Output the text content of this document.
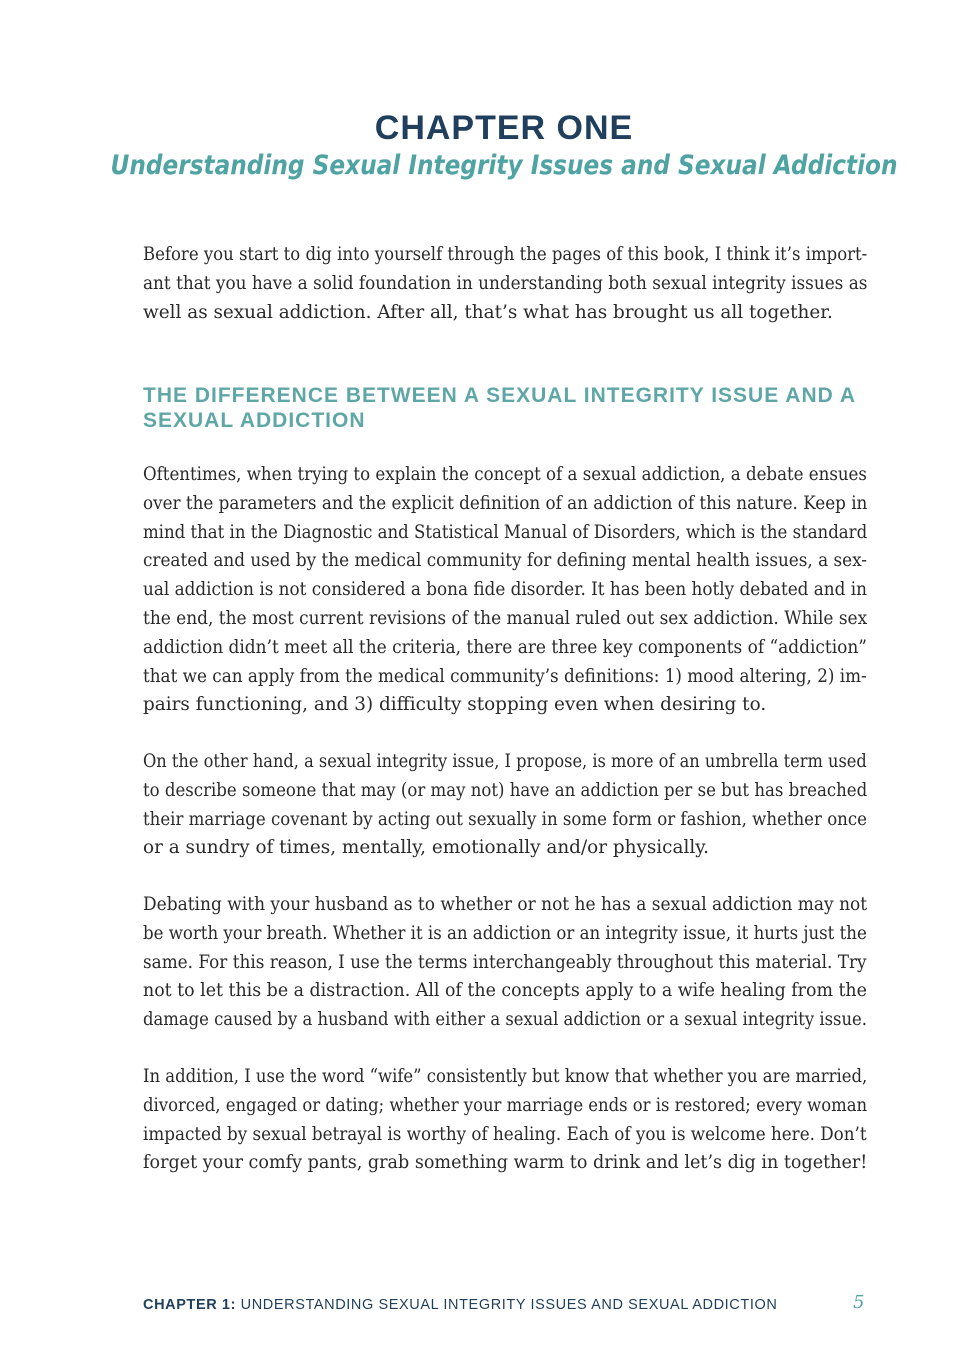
CHAPTER ONE
Understanding Sexual Integrity Issues and Sexual Addiction

Before you start to dig into yourself through the pages of this book, I think it’s import-
ant that you have a solid foundation in understanding both sexual integrity issues as
well as sexual addiction. After all, that’s what has brought us all together.

THE DIFFERENCE BETWEEN A SEXUAL INTEGRITY ISSUE AND A SEXUAL ADDICTION

Oftentimes, when trying to explain the concept of a sexual addiction, a debate ensues
over the parameters and the explicit definition of an addiction of this nature. Keep in
mind that in the Diagnostic and Statistical Manual of Disorders, which is the standard
created and used by the medical community for defining mental health issues, a sex-
ual addiction is not considered a bona fide disorder. It has been hotly debated and in
the end, the most current revisions of the manual ruled out sex addiction. While sex
addiction didn’t meet all the criteria, there are three key components of “addiction”
that we can apply from the medical community’s definitions: 1) mood altering, 2) im-
pairs functioning, and 3) difficulty stopping even when desiring to.

On the other hand, a sexual integrity issue, I propose, is more of an umbrella term used
to describe someone that may (or may not) have an addiction per se but has breached
their marriage covenant by acting out sexually in some form or fashion, whether once
or a sundry of times, mentally, emotionally and/or physically.

Debating with your husband as to whether or not he has a sexual addiction may not
be worth your breath. Whether it is an addiction or an integrity issue, it hurts just the
same. For this reason, I use the terms interchangeably throughout this material. Try
not to let this be a distraction. All of the concepts apply to a wife healing from the
damage caused by a husband with either a sexual addiction or a sexual integrity issue.

In addition, I use the word “wife” consistently but know that whether you are married,
divorced, engaged or dating; whether your marriage ends or is restored; every woman
impacted by sexual betrayal is worthy of healing. Each of you is welcome here. Don’t
forget your comfy pants, grab something warm to drink and let’s dig in together!

CHAPTER 1: UNDERSTANDING SEXUAL INTEGRITY ISSUES AND SEXUAL ADDICTION	5
